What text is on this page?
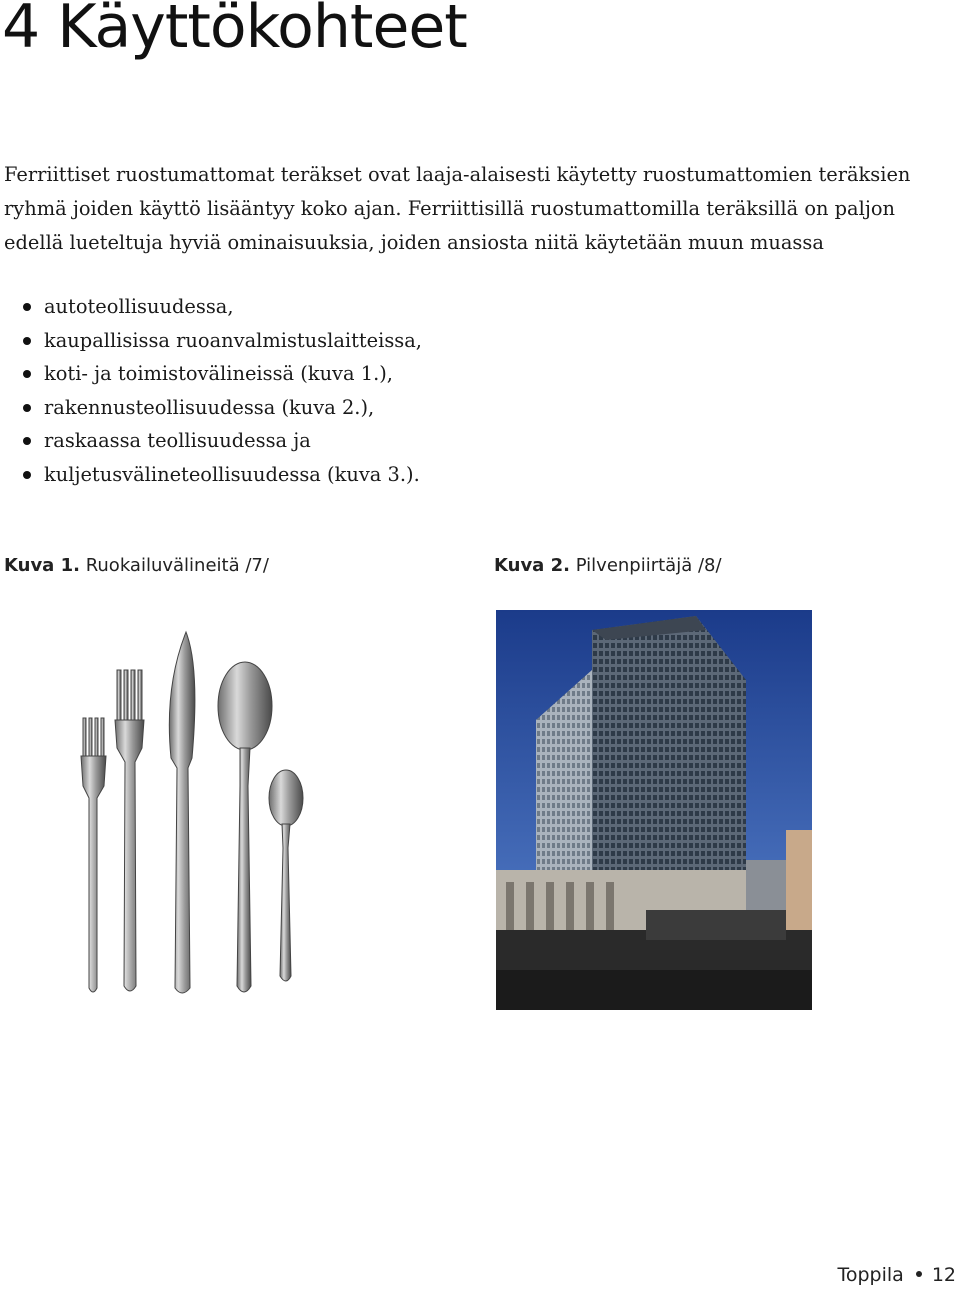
4 Käyttökohteet

Ferriittiset ruostumattomat teräkset ovat laaja-alaisesti käytetty ruostumattomien teräksien
ryhmä joiden käyttö lisääntyy koko ajan. Ferriittisillä ruostumattomilla teräksillä on paljon
edellä lueteltuja hyviä ominaisuuksia, joiden ansiosta niitä käytetään muun muassa

autoteollisuudessa,
kaupallisissa ruoanvalmistuslaitteissa,
koti- ja toimistovälineissä (kuva 1.),
rakennusteollisuudessa (kuva 2.),
raskaassa teollisuudessa ja
kuljetusvälineteollisuudessa (kuva 3.).
Kuva 1. Ruokailuvälineitä /7/	Kuva 2. Pilvenpiirtäjä /8/
Toppila 12
